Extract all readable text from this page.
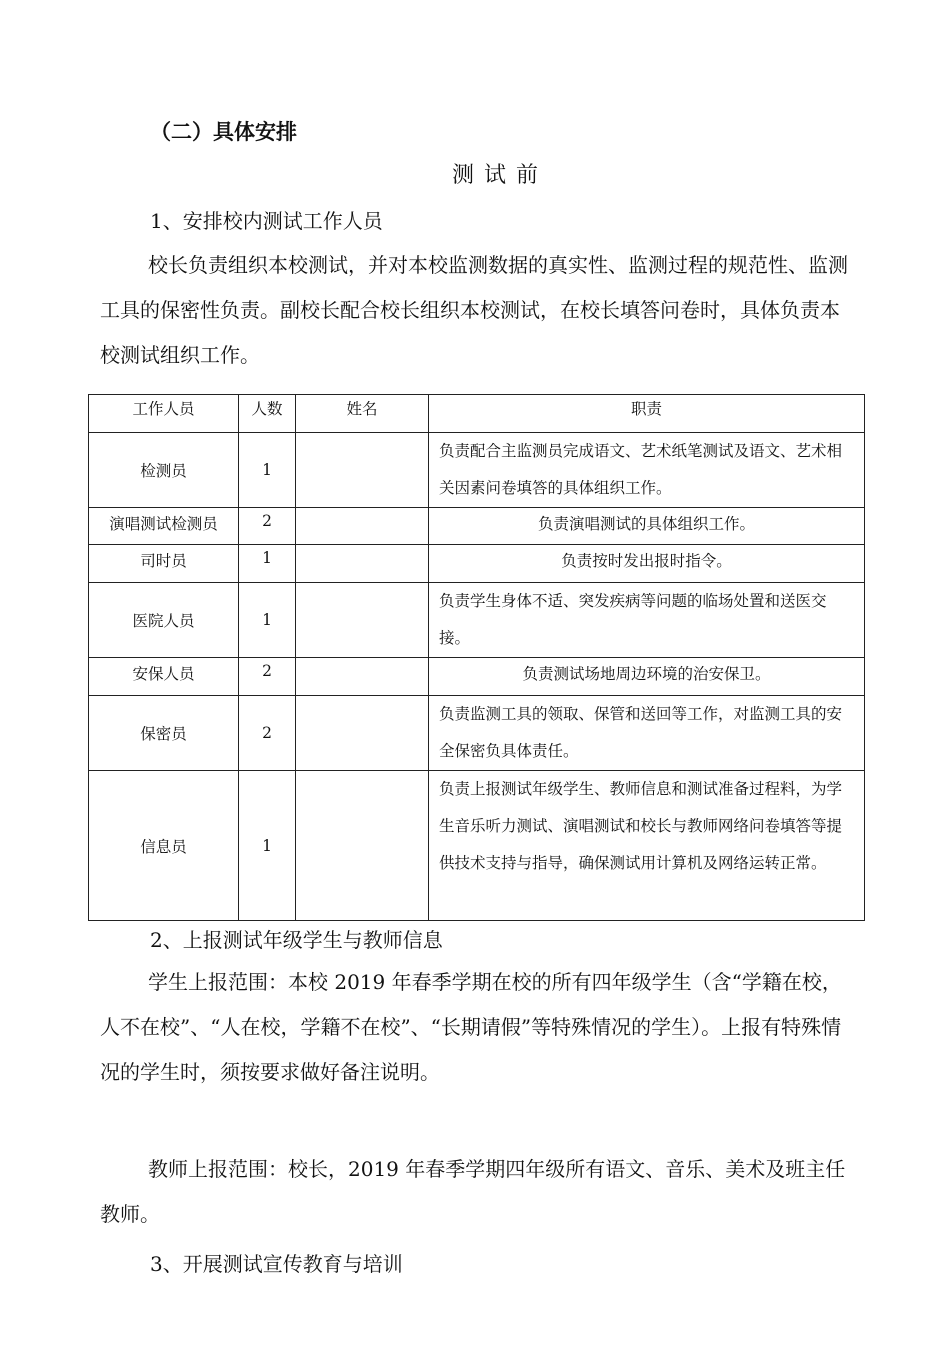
（二）具体安排
测试前
1、安排校内测试工作人员
校长负责组织本校测试，并对本校监测数据的真实性、监测过程的规范性、监测工具的保密性负责。副校长配合校长组织本校测试，在校长填答问卷时，具体负责本校测试组织工作。
工作人员	人数	姓名	职责
检测员	1		负责配合主监测员完成语文、艺术纸笔测试及语文、艺术相关因素问卷填答的具体组织工作。
演唱测试检测员	2		负责演唱测试的具体组织工作。
司时员	1		负责按时发出报时指令。
医院人员	1		负责学生身体不适、突发疾病等问题的临场处置和送医交接。
安保人员	2		负责测试场地周边环境的治安保卫。
保密员	2		负责监测工具的领取、保管和送回等工作，对监测工具的安全保密负具体责任。
信息员	1		负责上报测试年级学生、教师信息和测试准备过程料，为学生音乐听力测试、演唱测试和校长与教师网络问卷填答等提供技术支持与指导，确保测试用计算机及网络运转正常。
2、上报测试年级学生与教师信息
学生上报范围：本校 2019 年春季学期在校的所有四年级学生（含“学籍在校，人不在校”、“人在校，学籍不在校”、“长期请假”等特殊情况的学生）。上报有特殊情况的学生时，须按要求做好备注说明。
教师上报范围：校长，2019 年春季学期四年级所有语文、音乐、美术及班主任教师。
3、开展测试宣传教育与培训
